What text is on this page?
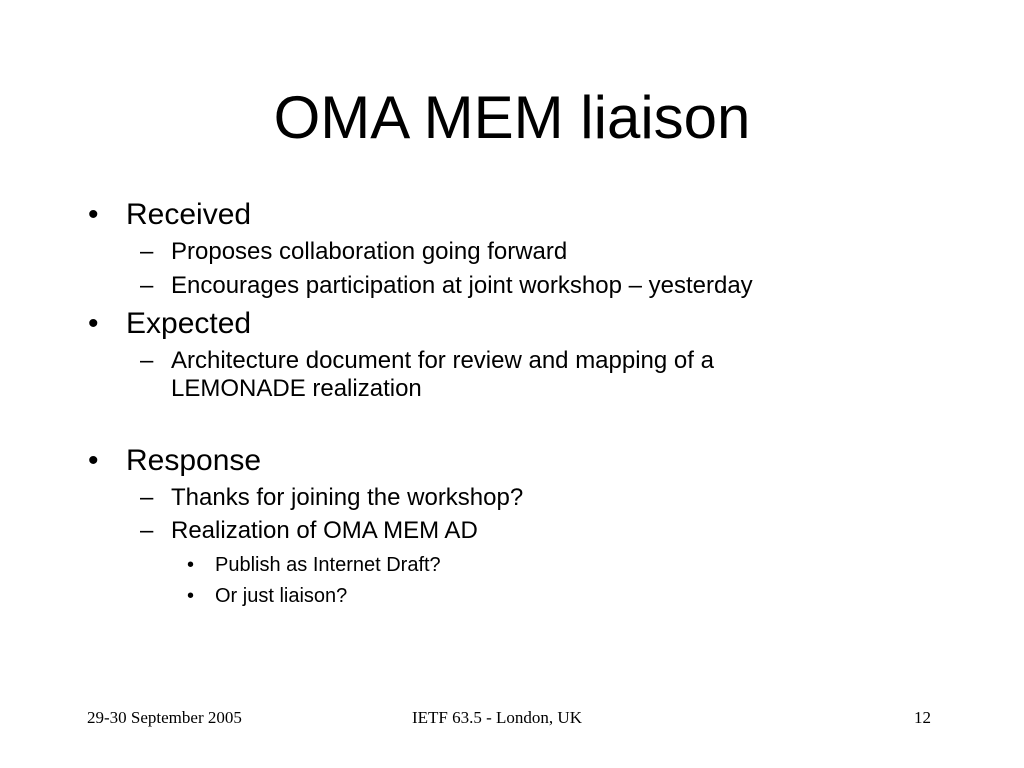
OMA MEM liaison
• Received
– Proposes collaboration going forward
– Encourages participation at joint workshop – yesterday
• Expected
– Architecture document for review and mapping of a
LEMONADE realization
• Response
– Thanks for joining the workshop?
– Realization of OMA MEM AD
• Publish as Internet Draft?
• Or just liaison?
29-30 September 2005	IETF 63.5 - London, UK	12
